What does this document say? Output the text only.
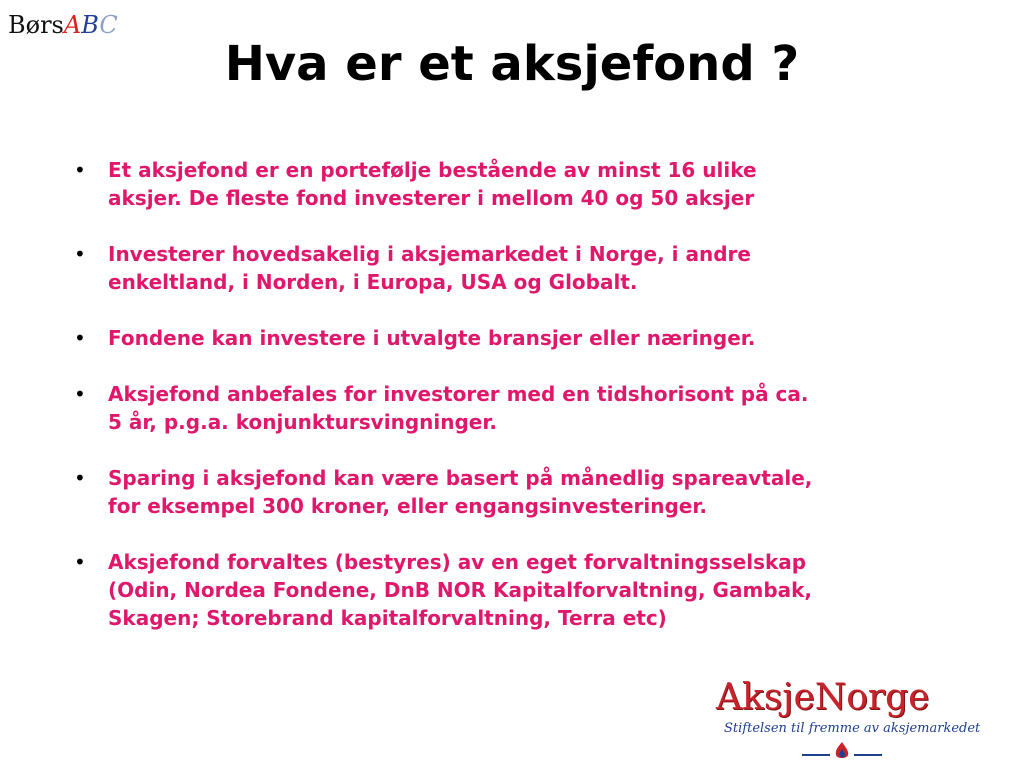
BørsABC
Hva er et aksjefond ?
• Et aksjefond er en portefølje bestående av minst 16 ulike
aksjer. De fleste fond investerer i mellom 40 og 50 aksjer
• Investerer hovedsakelig i aksjemarkedet i Norge, i andre
enkeltland, i Norden, i Europa, USA og Globalt.
• Fondene kan investere i utvalgte bransjer eller næringer.
• Aksjefond anbefales for investorer med en tidshorisont på ca.
5 år, p.g.a. konjunktursvingninger.
• Sparing i aksjefond kan være basert på månedlig spareavtale,
for eksempel 300 kroner, eller engangsinvesteringer.
• Aksjefond forvaltes (bestyres) av en eget forvaltningsselskap
(Odin, Nordea Fondene, DnB NOR Kapitalforvaltning, Gambak,
Skagen; Storebrand kapitalforvaltning, Terra etc)
AksjeNorge
Stiftelsen til fremme av aksjemarkedet
